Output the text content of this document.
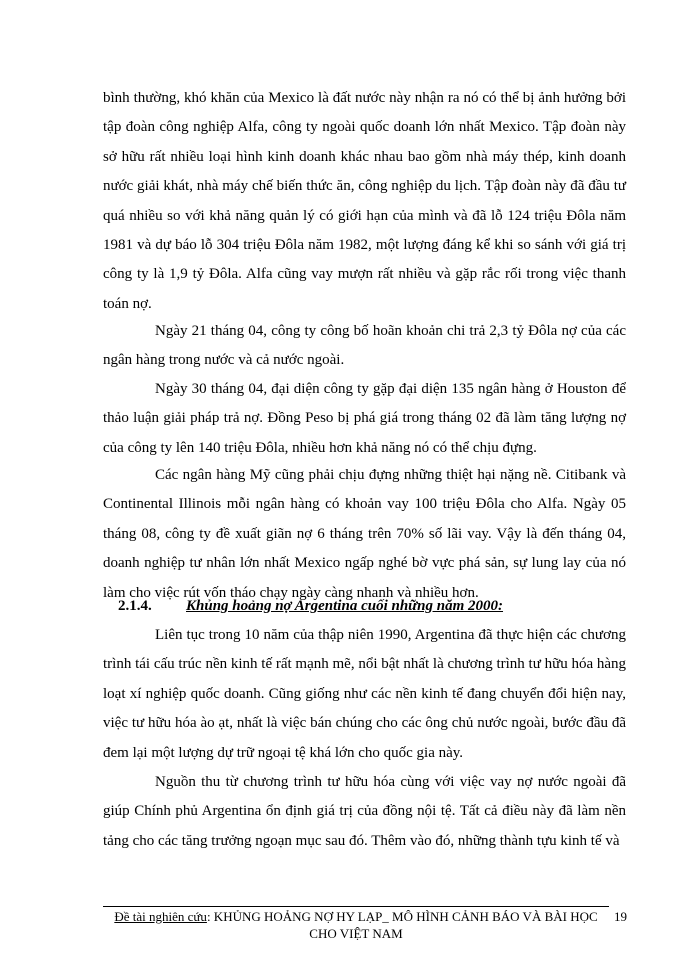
bình thường, khó khăn của Mexico là đất nước này nhận ra nó có thể bị ảnh hưởng bởi tập đoàn công nghiệp Alfa, công ty ngoài quốc doanh lớn nhất Mexico. Tập đoàn này sở hữu rất nhiều loại hình kinh doanh khác nhau bao gồm nhà máy thép, kinh doanh nước giải khát, nhà máy chế biến thức ăn, công nghiệp du lịch. Tập đoàn này đã đầu tư quá nhiều so với khả năng quản lý có giới hạn của mình và đã lỗ 124 triệu Đôla năm 1981 và dự báo lỗ 304 triệu Đôla năm 1982, một lượng đáng kể khi so sánh với giá trị công ty là 1,9 tỷ Đôla. Alfa cũng vay mượn rất nhiều và gặp rắc rối trong việc thanh toán nợ.

Ngày 21 tháng 04, công ty công bố hoãn khoản chi trả 2,3 tỷ Đôla nợ của các ngân hàng trong nước và cả nước ngoài.

Ngày 30 tháng 04, đại diện công ty gặp đại diện 135 ngân hàng ở Houston để thảo luận giải pháp trả nợ. Đồng Peso bị phá giá trong tháng 02 đã làm tăng lượng nợ của công ty lên 140 triệu Đôla, nhiều hơn khả năng nó có thể chịu đựng.

Các ngân hàng Mỹ cũng phải chịu đựng những thiệt hại nặng nề. Citibank và Continental Illinois mỗi ngân hàng có khoản vay 100 triệu Đôla cho Alfa. Ngày 05 tháng 08, công ty đề xuất giãn nợ 6 tháng trên 70% số lãi vay. Vậy là đến tháng 04, doanh nghiệp tư nhân lớn nhất Mexico ngấp nghé bờ vực phá sản, sự lung lay của nó làm cho việc rút vốn tháo chạy ngày càng nhanh và nhiều hơn.

2.1.4. Khủng hoảng nợ Argentina cuối những năm 2000:

Liên tục trong 10 năm của thập niên 1990, Argentina đã thực hiện các chương trình tái cấu trúc nền kinh tế rất mạnh mẽ, nổi bật nhất là chương trình tư hữu hóa hàng loạt xí nghiệp quốc doanh. Cũng giống như các nền kinh tế đang chuyển đổi hiện nay, việc tư hữu hóa ào ạt, nhất là việc bán chúng cho các ông chủ nước ngoài, bước đầu đã đem lại một lượng dự trữ ngoại tệ khá lớn cho quốc gia này.

Nguồn thu từ chương trình tư hữu hóa cùng với việc vay nợ nước ngoài đã giúp Chính phủ Argentina ổn định giá trị của đồng nội tệ. Tất cả điều này đã làm nền tảng cho các tăng trưởng ngoạn mục sau đó. Thêm vào đó, những thành tựu kinh tế và

Đề tài nghiên cứu: KHỦNG HOẢNG NỢ HY LẠP_ MÔ HÌNH CẢNH BÁO VÀ BÀI HỌC CHO VIỆT NAM
19
